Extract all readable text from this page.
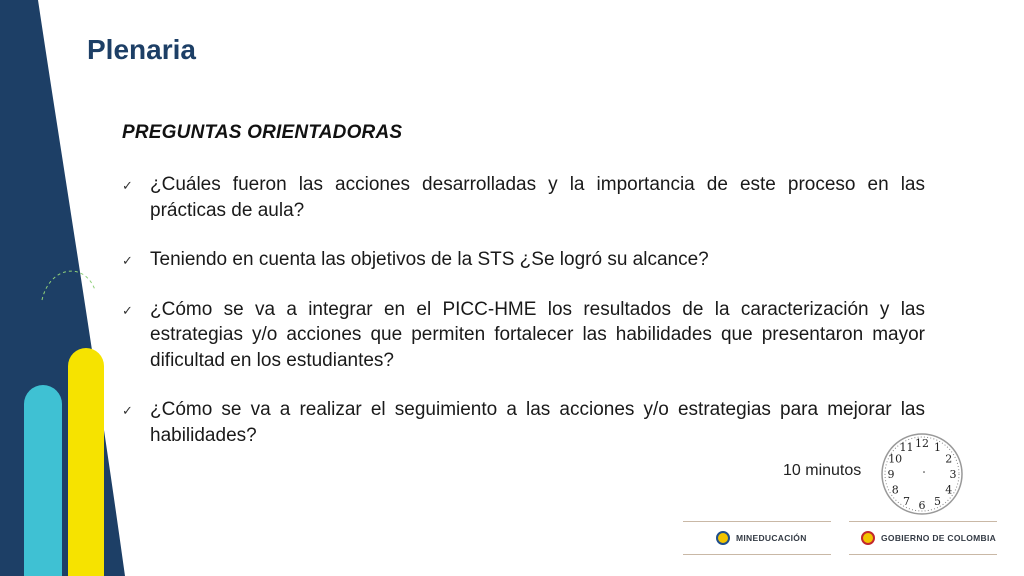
Plenaria
PREGUNTAS ORIENTADORAS
✓ ¿Cuáles fueron las acciones desarrolladas y la importancia de este proceso en las prácticas de aula?
✓ Teniendo en cuenta las objetivos de la STS ¿Se logró su alcance?
✓ ¿Cómo se va a integrar en el PICC-HME los resultados de la caracterización y las estrategias y/o acciones que permiten fortalecer las habilidades que presentaron mayor dificultad en los estudiantes?
✓ ¿Cómo se va a realizar el seguimiento a las acciones y/o estrategias para mejorar las habilidades?
10 minutos
12 1
2
3
4
5
6
7
8
9
10
11
MINEDUCACIÓN	GOBIERNO DE COLOMBIA
